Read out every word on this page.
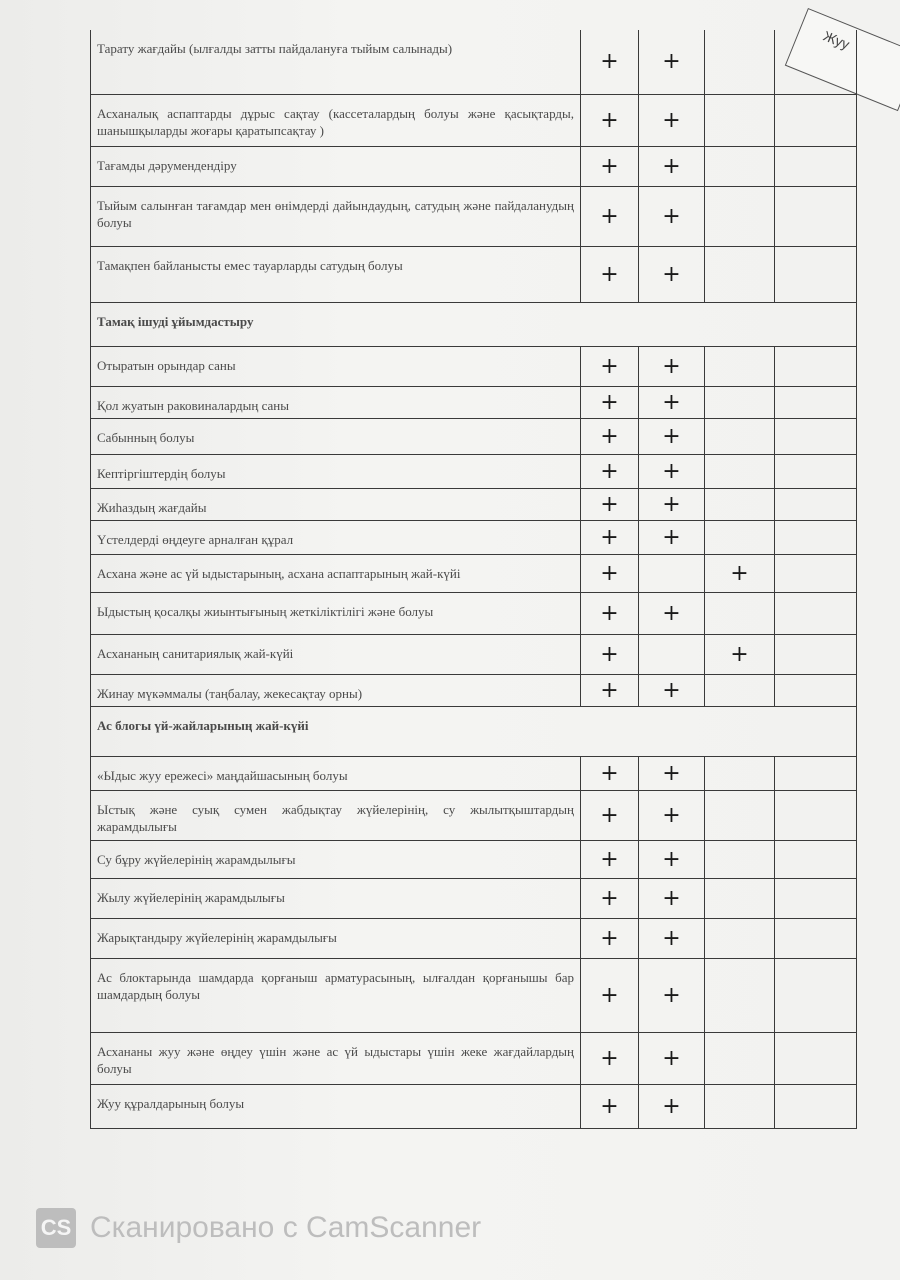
Жуу
Тарату жағдайы (ылғалды затты пайдалануға тыйым салынады)	+	+		
Асханалық аспаптарды дұрыс сақтау (кассеталардың болуы және қасықтарды, шанышқыларды жоғары қаратыпсақтау )	+	+		
Тағамды дәрумендендіру	+	+		
Тыйым салынған тағамдар мен өнімдерді дайындаудың, сатудың және пайдаланудың болуы	+	+		
Тамақпен байланысты емес тауарларды сатудың болуы	+	+		
Тамақ ішуді ұйымдастыру				
Отыратын орындар саны	+	+		
Қол жуатын раковиналардың саны	+	+		
Сабынның болуы	+	+		
Кептіргіштердің болуы	+	+		
Жиһаздың жағдайы	+	+		
Үстелдерді өңдеуге арналған құрал	+	+		
Асхана және ас үй ыдыстарының, асхана аспаптарының жай-күйі	+		+	
Ыдыстың қосалқы жиынтығының жеткіліктілігі және болуы	+	+		
Асхананың санитариялық жай-күйі	+		+	
Жинау мүкәммалы (таңбалау, жекесақтау орны)	+	+		
Ас блогы үй-жайларының жай-күйі				
«Ыдыс жуу ережесі» маңдайшасының болуы	+	+		
Ыстық және суық сумен жабдықтау жүйелерінің, су жылытқыштардың жарамдылығы	+	+		
Су бұру жүйелерінің жарамдылығы	+	+		
Жылу жүйелерінің жарамдылығы	+	+		
Жарықтандыру жүйелерінің жарамдылығы	+	+		
Ас блоктарында шамдарда қорғаныш арматурасының, ылғалдан қорғанышы бар шамдардың болуы	+	+		
Асхананы жуу және өңдеу үшін және ас үй ыдыстары үшін жеке жағдайлардың болуы	+	+		
Жуу құралдарының болуы	+	+		
CS Сканировано с CamScanner
